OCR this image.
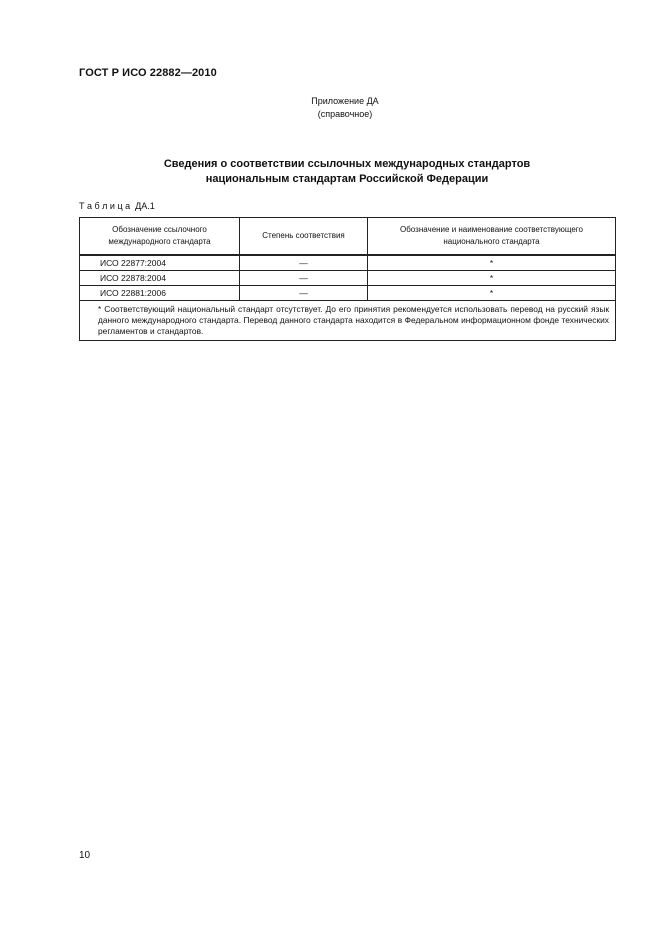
ГОСТ Р ИСО 22882—2010
Приложение ДА
(справочное)
Сведения о соответствии ссылочных международных стандартов
национальным стандартам Российской Федерации
Т а б л и ц а  ДА.1
Обозначение ссылочного международного стандарта	Степень соответствия	Обозначение и наименование соответствующего национального стандарта
ИСО 22877:2004	—	*
ИСО 22878:2004	—	*
ИСО 22881:2006	—	*

* Соответствующий национальный стандарт отсутствует. До его принятия рекомендуется использовать перевод на русский язык данного международного стандарта. Перевод данного стандарта находится в Федеральном информационном фонде технических регламентов и стандартов.		
10
